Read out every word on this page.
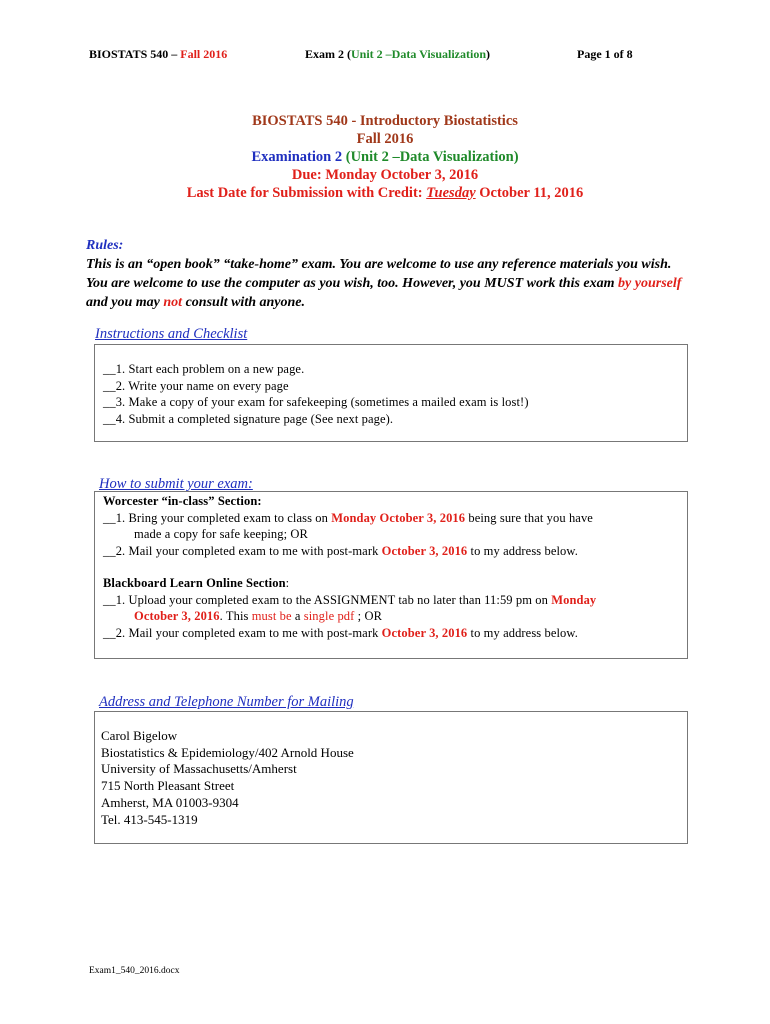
BIOSTATS 540 – Fall 2016	Exam 2 (Unit 2 –Data Visualization)	Page 1 of 8
BIOSTATS 540 - Introductory Biostatistics
Fall 2016
Examination 2 (Unit 2 –Data Visualization)
Due: Monday October 3, 2016
Last Date for Submission with Credit: Tuesday October 11, 2016
Rules:
This is an “open book” “take-home” exam. You are welcome to use any reference materials you wish. You are welcome to use the computer as you wish, too. However, you MUST work this exam by yourself and you may not consult with anyone.
Instructions and Checklist
__1. Start each problem on a new page.
__2. Write your name on every page
__3. Make a copy of your exam for safekeeping (sometimes a mailed exam is lost!)
__4. Submit a completed signature page (See next page).
How to submit your exam:
Worcester “in-class” Section:
__1. Bring your completed exam to class on Monday October 3, 2016 being sure that you have
made a copy for safe keeping; OR
__2. Mail your completed exam to me with post-mark October 3, 2016 to my address below.
Blackboard Learn Online Section:
__1. Upload your completed exam to the ASSIGNMENT tab no later than 11:59 pm on Monday
October 3, 2016. This must be a single pdf ; OR
__2. Mail your completed exam to me with post-mark October 3, 2016 to my address below.
Address and Telephone Number for Mailing
Carol Bigelow
Biostatistics & Epidemiology/402 Arnold House
University of Massachusetts/Amherst
715 North Pleasant Street
Amherst, MA 01003-9304
Tel. 413-545-1319
Exam1_540_2016.docx
